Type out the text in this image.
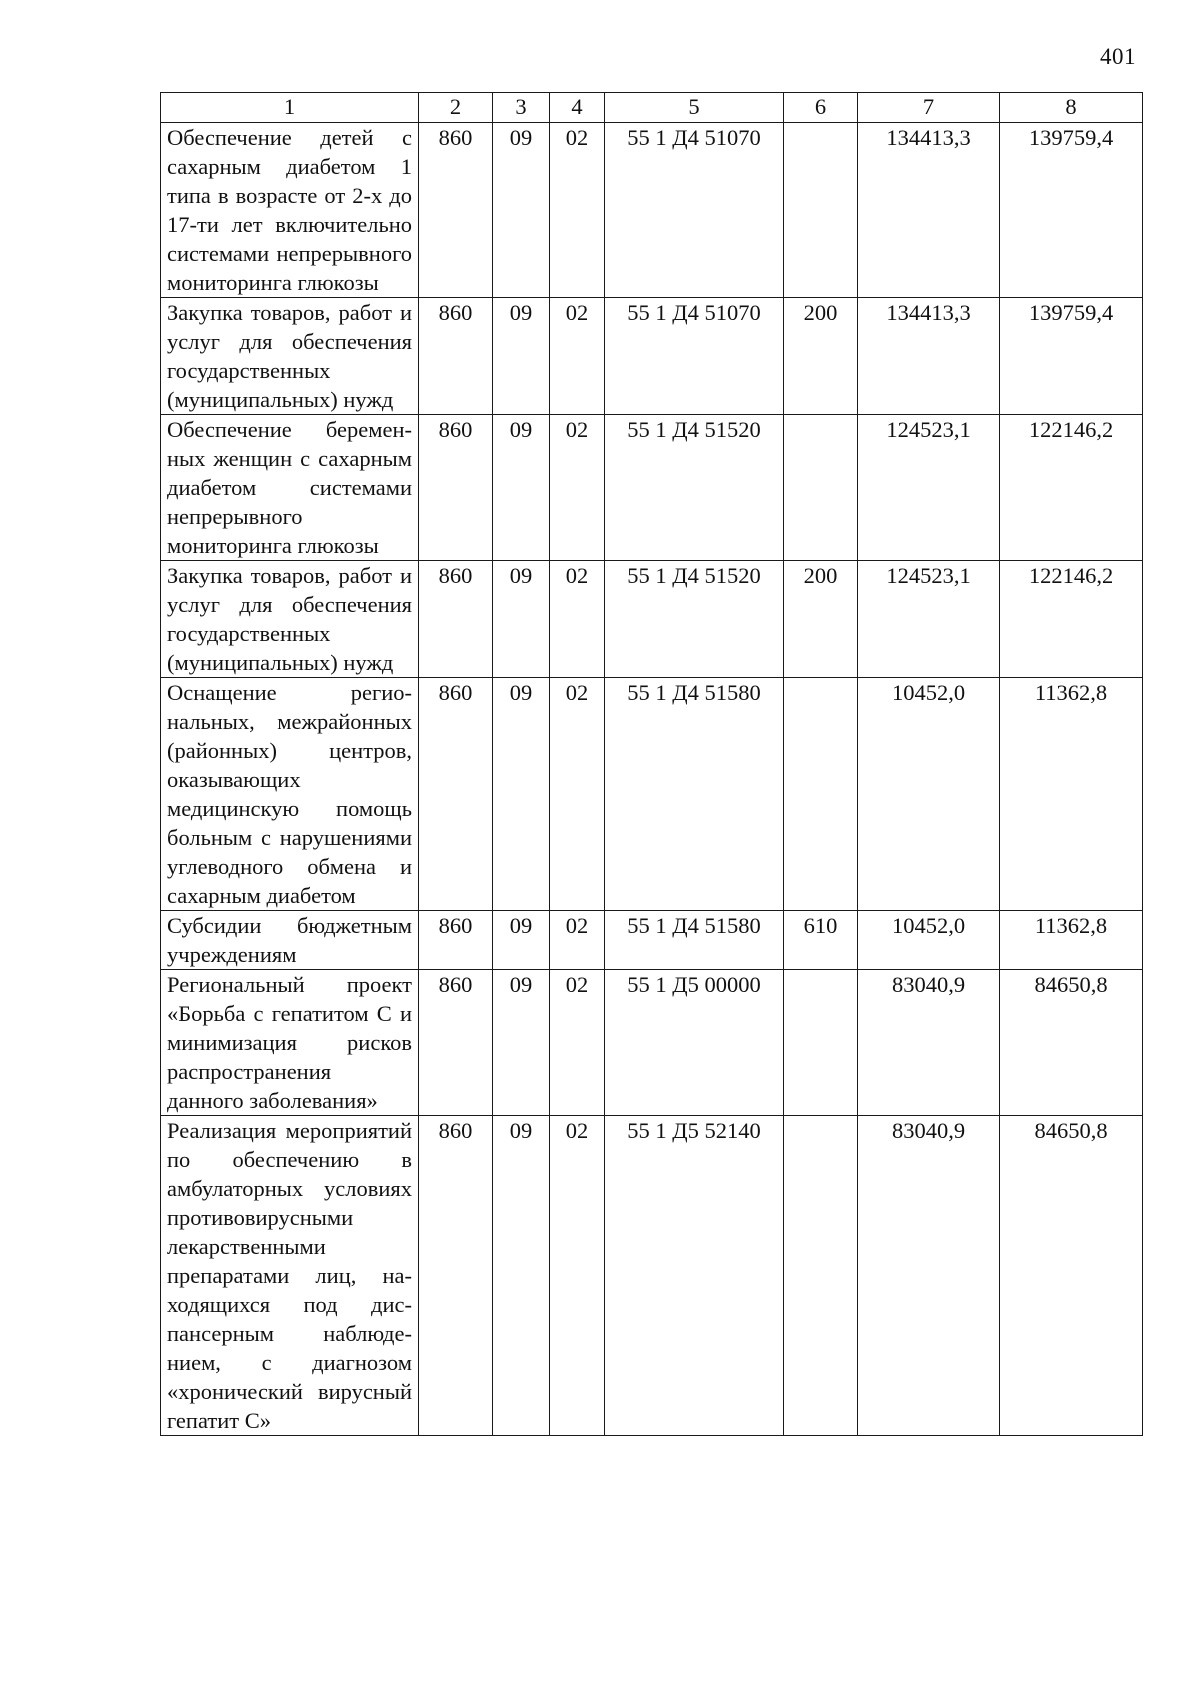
401
1	2	3	4	5	6	7	8
Обеспечение детей с сахарным диабетом 1 типа в возрасте от 2-х до 17-ти лет включительно системами непрерывного мониторинга глюкозы	860	09	02	55 1 Д4 51070		134413,3	139759,4
Закупка товаров, работ и услуг для обеспечения государственных (муниципальных) нужд	860	09	02	55 1 Д4 51070	200	134413,3	139759,4
Обеспечение беременных женщин с сахарным диабетом системами непрерывного мониторинга глюкозы	860	09	02	55 1 Д4 51520		124523,1	122146,2
Закупка товаров, работ и услуг для обеспечения государственных (муниципальных) нужд	860	09	02	55 1 Д4 51520	200	124523,1	122146,2
Оснащение региональных, межрайонных (районных) центров, оказывающих медицинскую помощь больным с нарушениями углеводного обмена и сахарным диабетом	860	09	02	55 1 Д4 51580		10452,0	11362,8
Субсидии бюджетным учреждениям	860	09	02	55 1 Д4 51580	610	10452,0	11362,8
Региональный проект «Борьба с гепатитом С и минимизация рисков распространения данного заболевания»	860	09	02	55 1 Д5 00000		83040,9	84650,8
Реализация мероприятий по обеспечению в амбулаторных условиях противовирусными лекарственными препаратами лиц, находящихся под диспансерным наблюдением, с диагнозом «хронический вирусный гепатит С»	860	09	02	55 1 Д5 52140		83040,9	84650,8
